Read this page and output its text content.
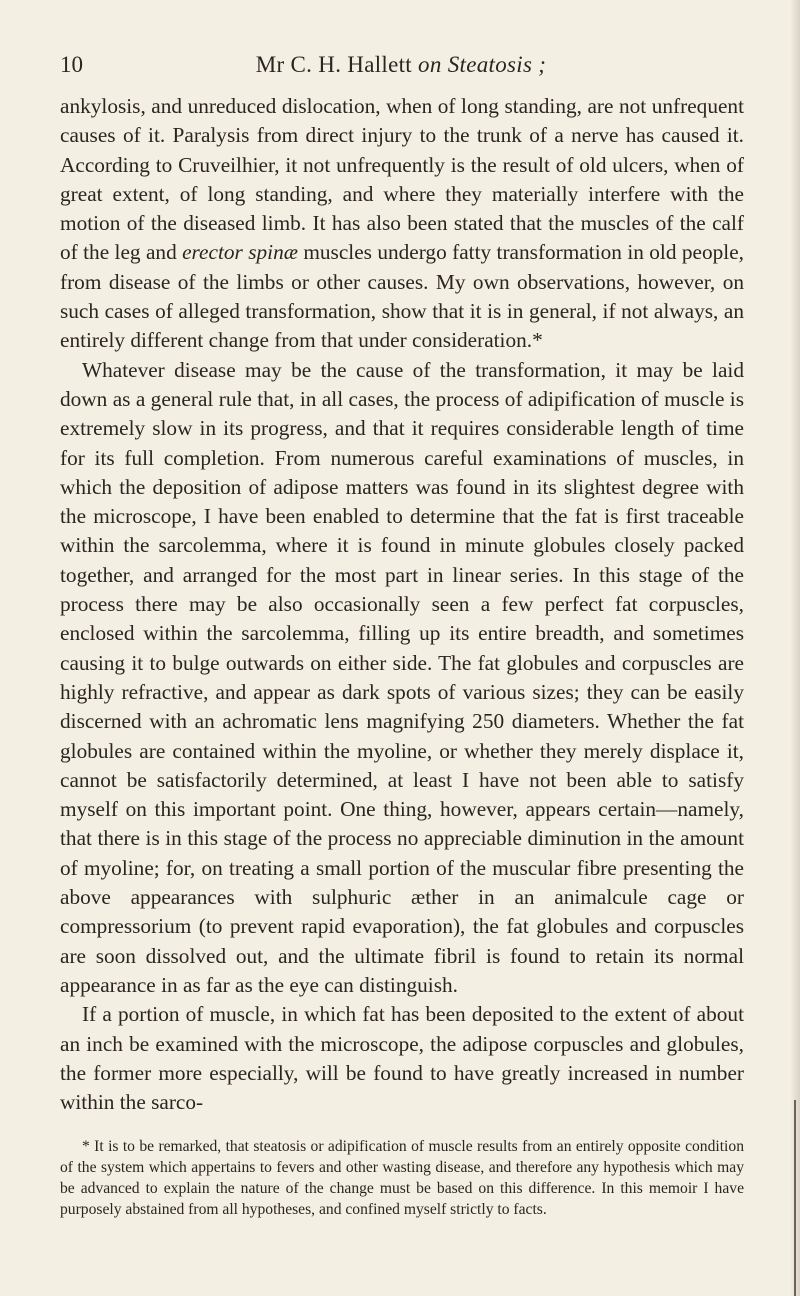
10	Mr C. H. Hallett on Steatosis ;

ankylosis, and unreduced dislocation, when of long standing, are not unfrequent causes of it. Paralysis from direct injury to the trunk of a nerve has caused it. According to Cruveilhier, it not unfrequently is the result of old ulcers, when of great extent, of long standing, and where they materially interfere with the motion of the diseased limb. It has also been stated that the muscles of the calf of the leg and erector spinæ muscles undergo fatty transformation in old people, from disease of the limbs or other causes. My own observations, however, on such cases of alleged transformation, show that it is in general, if not always, an entirely different change from that under consideration.*

Whatever disease may be the cause of the transformation, it may be laid down as a general rule that, in all cases, the process of adipification of muscle is extremely slow in its progress, and that it requires considerable length of time for its full completion. From numerous careful examinations of muscles, in which the deposition of adipose matters was found in its slightest degree with the microscope, I have been enabled to determine that the fat is first traceable within the sarcolemma, where it is found in minute globules closely packed together, and arranged for the most part in linear series. In this stage of the process there may be also occasionally seen a few perfect fat corpuscles, enclosed within the sarcolemma, filling up its entire breadth, and sometimes causing it to bulge outwards on either side. The fat globules and corpuscles are highly refractive, and appear as dark spots of various sizes; they can be easily discerned with an achromatic lens magnifying 250 diameters. Whether the fat globules are contained within the myoline, or whether they merely displace it, cannot be satisfactorily determined, at least I have not been able to satisfy myself on this important point. One thing, however, appears certain—namely, that there is in this stage of the process no appreciable diminution in the amount of myoline; for, on treating a small portion of the muscular fibre presenting the above appearances with sulphuric æther in an animalcule cage or compressorium (to prevent rapid evaporation), the fat globules and corpuscles are soon dissolved out, and the ultimate fibril is found to retain its normal appearance in as far as the eye can distinguish.

If a portion of muscle, in which fat has been deposited to the extent of about an inch be examined with the microscope, the adipose corpuscles and globules, the former more especially, will be found to have greatly increased in number within the sarco-

* It is to be remarked, that steatosis or adipification of muscle results from an entirely opposite condition of the system which appertains to fevers and other wasting disease, and therefore any hypothesis which may be advanced to explain the nature of the change must be based on this difference. In this memoir I have purposely abstained from all hypotheses, and confined myself strictly to facts.
